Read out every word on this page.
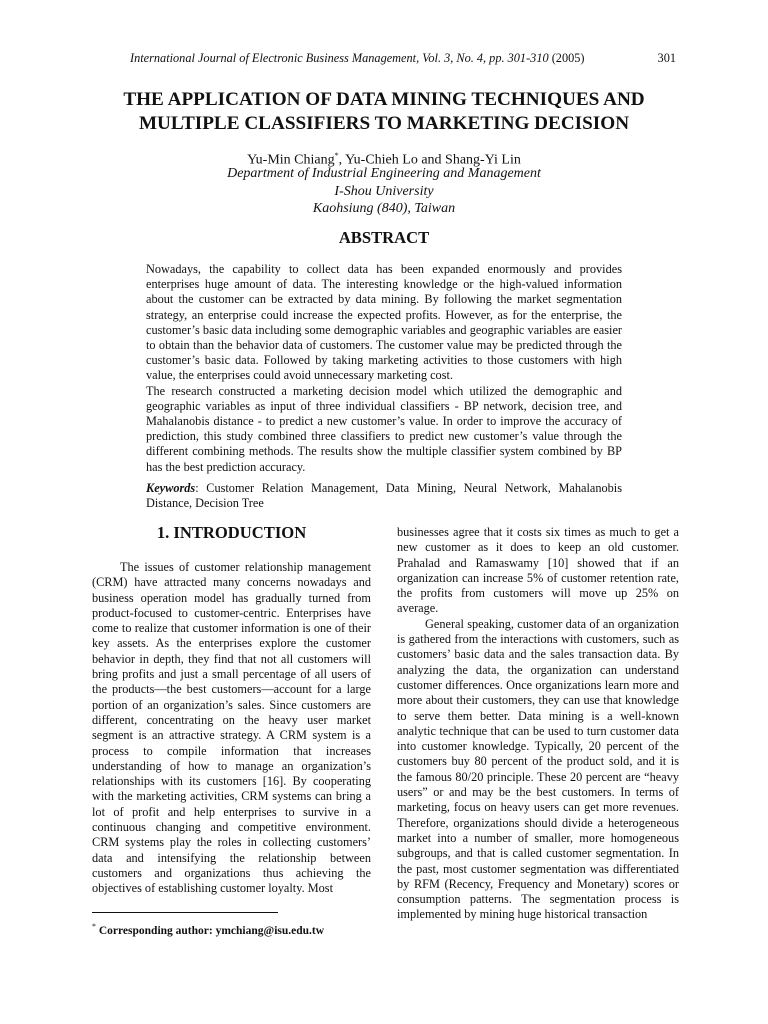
International Journal of Electronic Business Management, Vol. 3, No. 4, pp. 301-310 (2005)	301
THE APPLICATION OF DATA MINING TECHNIQUES AND
MULTIPLE CLASSIFIERS TO MARKETING DECISION
Yu-Min Chiang*, Yu-Chieh Lo and Shang-Yi Lin
Department of Industrial Engineering and Management
I-Shou University
Kaohsiung (840), Taiwan
ABSTRACT

Nowadays, the capability to collect data has been expanded enormously and provides enterprises huge amount of data. The interesting knowledge or the high-valued information about the customer can be extracted by data mining. By following the market segmentation strategy, an enterprise could increase the expected profits. However, as for the enterprise, the customer’s basic data including some demographic variables and geographic variables are easier to obtain than the behavior data of customers. The customer value may be predicted through the customer’s basic data. Followed by taking marketing activities to those customers with high value, the enterprises could avoid unnecessary marketing cost.

The research constructed a marketing decision model which utilized the demographic and geographic variables as input of three individual classifiers - BP network, decision tree, and Mahalanobis distance - to predict a new customer’s value. In order to improve the accuracy of prediction, this study combined three classifiers to predict new customer’s value through the different combining methods. The results show the multiple classifier system combined by BP has the best prediction accuracy.

Keywords: Customer Relation Management, Data Mining, Neural Network, Mahalanobis Distance, Decision Tree
1. INTRODUCTION

The issues of customer relationship management (CRM) have attracted many concerns nowadays and business operation model has gradually turned from product-focused to customer-centric. Enterprises have come to realize that customer information is one of their key assets. As the enterprises explore the customer behavior in depth, they find that not all customers will bring profits and just a small percentage of all users of the products—the best customers—account for a large portion of an organization’s sales. Since customers are different, concentrating on the heavy user market segment is an attractive strategy. A CRM system is a process to compile information that increases understanding of how to manage an organization’s relationships with its customers [16]. By cooperating with the marketing activities, CRM systems can bring a lot of profit and help enterprises to survive in a continuous changing and competitive environment. CRM systems play the roles in collecting customers’ data and intensifying the relationship between customers and organizations thus achieving the objectives of establishing customer loyalty. Most

businesses agree that it costs six times as much to get a new customer as it does to keep an old customer. Prahalad and Ramaswamy [10] showed that if an organization can increase 5% of customer retention rate, the profits from customers will move up 25% on average.

General speaking, customer data of an organization is gathered from the interactions with customers, such as customers’ basic data and the sales transaction data. By analyzing the data, the organization can understand customer differences. Once organizations learn more and more about their customers, they can use that knowledge to serve them better. Data mining is a well-known analytic technique that can be used to turn customer data into customer knowledge. Typically, 20 percent of the customers buy 80 percent of the product sold, and it is the famous 80/20 principle. These 20 percent are “heavy users” or and may be the best customers. In terms of marketing, focus on heavy users can get more revenues. Therefore, organizations should divide a heterogeneous market into a number of smaller, more homogeneous subgroups, and that is called customer segmentation. In the past, most customer segmentation was differentiated by RFM (Recency, Frequency and Monetary) scores or consumption patterns. The segmentation process is implemented by mining huge historical transaction

* Corresponding author: ymchiang@isu.edu.tw
